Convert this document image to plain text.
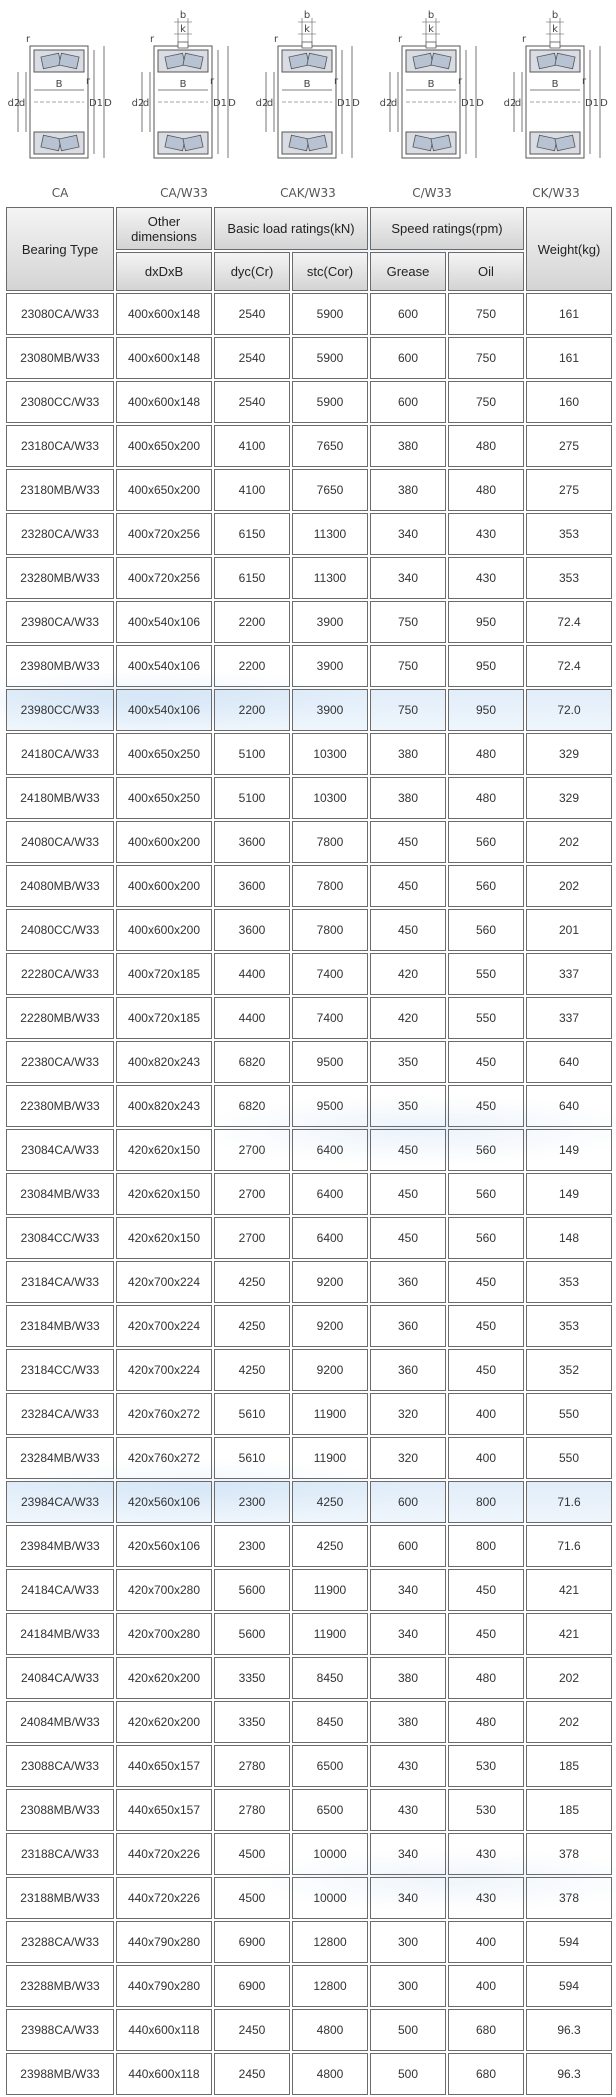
B
d2
d	D1 D
r
r
CA
B
d2
d	D1 D
r
r
b
k
CA/W33
B
d2
d	D1 D
r
r
b
k
CAK/W33
B
d2
d	D1 D
r
r
b
k
C/W33
B
d2
d	D1 D
r
r
b
k
CK/W33
Bearing Type	Other dimensions	Basic load ratings(kN)		Speed ratings(rpm)		Weight(kg)
	dxDxB	dyc(Cr)	stc(Cor)	Grease	Oil	
23080CA/W33	400x600x148	2540	5900	600	750	161
23080MB/W33	400x600x148	2540	5900	600	750	161
23080CC/W33	400x600x148	2540	5900	600	750	160
23180CA/W33	400x650x200	4100	7650	380	480	275
23180MB/W33	400x650x200	4100	7650	380	480	275
23280CA/W33	400x720x256	6150	11300	340	430	353
23280MB/W33	400x720x256	6150	11300	340	430	353
23980CA/W33	400x540x106	2200	3900	750	950	72.4
23980MB/W33	400x540x106	2200	3900	750	950	72.4
23980CC/W33	400x540x106	2200	3900	750	950	72.0
24180CA/W33	400x650x250	5100	10300	380	480	329
24180MB/W33	400x650x250	5100	10300	380	480	329
24080CA/W33	400x600x200	3600	7800	450	560	202
24080MB/W33	400x600x200	3600	7800	450	560	202
24080CC/W33	400x600x200	3600	7800	450	560	201
22280CA/W33	400x720x185	4400	7400	420	550	337
22280MB/W33	400x720x185	4400	7400	420	550	337
22380CA/W33	400x820x243	6820	9500	350	450	640
22380MB/W33	400x820x243	6820	9500	350	450	640
23084CA/W33	420x620x150	2700	6400	450	560	149
23084MB/W33	420x620x150	2700	6400	450	560	149
23084CC/W33	420x620x150	2700	6400	450	560	148
23184CA/W33	420x700x224	4250	9200	360	450	353
23184MB/W33	420x700x224	4250	9200	360	450	353
23184CC/W33	420x700x224	4250	9200	360	450	352
23284CA/W33	420x760x272	5610	11900	320	400	550
23284MB/W33	420x760x272	5610	11900	320	400	550
23984CA/W33	420x560x106	2300	4250	600	800	71.6
23984MB/W33	420x560x106	2300	4250	600	800	71.6
24184CA/W33	420x700x280	5600	11900	340	450	421
24184MB/W33	420x700x280	5600	11900	340	450	421
24084CA/W33	420x620x200	3350	8450	380	480	202
24084MB/W33	420x620x200	3350	8450	380	480	202
23088CA/W33	440x650x157	2780	6500	430	530	185
23088MB/W33	440x650x157	2780	6500	430	530	185
23188CA/W33	440x720x226	4500	10000	340	430	378
23188MB/W33	440x720x226	4500	10000	340	430	378
23288CA/W33	440x790x280	6900	12800	300	400	594
23288MB/W33	440x790x280	6900	12800	300	400	594
23988CA/W33	440x600x118	2450	4800	500	680	96.3
23988MB/W33	440x600x118	2450	4800	500	680	96.3
